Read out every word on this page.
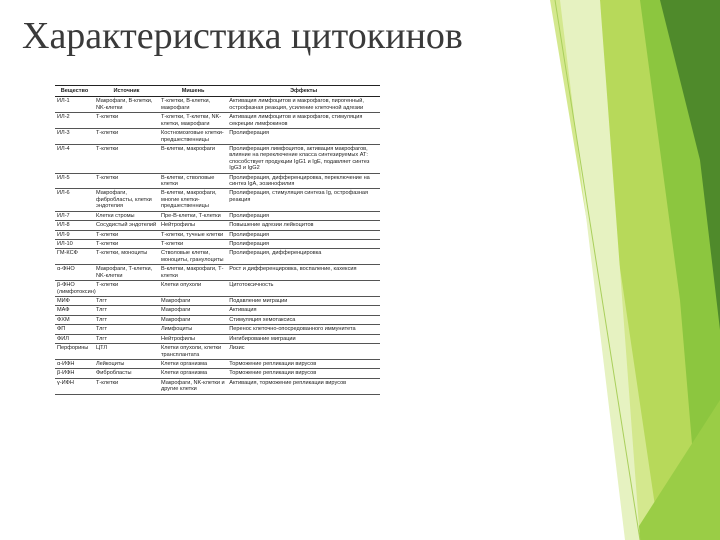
Характеристика цитокинов
Вещество	Источник	Мишень	Эффекты
ИЛ-1	Макрофаги, В-клетки, NK-клетки	Т-клетки, В-клетки, макрофаги	Активация лимфоцитов и макрофагов, пирогенный, острофазная реакция, усиление клеточной адгезии
ИЛ-2	Т-клетки	Т-клетки, Т-клетки, NK-клетки, макрофаги	Активация лимфоцитов и макрофагов, стимуляция секреции лимфокинов
ИЛ-3	Т-клетки	Костномозговые клетки-предшественницы	Пролиферация
ИЛ-4	Т-клетки	В-клетки, макрофаги	Пролиферация лимфоцитов, активация макрофагов, влияние на переключение класса синтезируемых АТ: способствует продукции IgG1 и IgE, подавляет синтез IgG3 и IgG2
ИЛ-5	Т-клетки	В-клетки, стволовые клетки	Пролиферация, дифференцировка, переключение на синтез IgA, эозинофилия
ИЛ-6	Макрофаги, фибробласты, клетки эндотелия	В-клетки, макрофаги, многие клетки-предшественницы	Пролиферация, стимуляция синтеза Ig, острофазная реакция
ИЛ-7	Клетки стромы	Пре-В-клетки, Т-клетки	Пролиферация
ИЛ-8	Сосудистый эндотелий	Нейтрофилы	Повышение адгезии лейкоцитов
ИЛ-9	Т-клетки	Т-клетки, тучные клетки	Пролиферация
ИЛ-10	Т-клетки	Т-клетки	Пролиферация
ГМ-КСФ	Т-клетки, моноциты	Стволовые клетки, моноциты, гранулоциты	Пролиферация, дифференцировка
α-ФНО	Макрофаги, Т-клетки, NK-клетки	В-клетки, макрофаги, Т-клетки	Рост и дифференцировка, воспаление, кахексия
β-ФНО (лимфотоксин)	Т-клетки	Клетки опухоли	Цитотоксичность
МИФ	Тлгт	Макрофаги	Подавление миграции
МАФ	Тлгт	Макрофаги	Активация
ФХМ	Тлгт	Макрофаги	Стимуляция хемотаксиса
ФП	Тлгт	Лимфоциты	Перенос клеточно-опосредованного иммунитета
ФИЛ	Тлгт	Нейтрофилы	Ингибирование миграции
Перфорины	ЦТЛ	Клетки опухоли, клетки трансплантата	Лизис
α-ИФН	Лейкоциты	Клетки организма	Торможение репликации вирусов
β-ИФН	Фибробласты	Клетки организма	Торможение репликации вирусов
γ-ИФН	Т-клетки	Макрофаги, NK-клетки и другие клетки	Активация, торможение репликации вирусов
